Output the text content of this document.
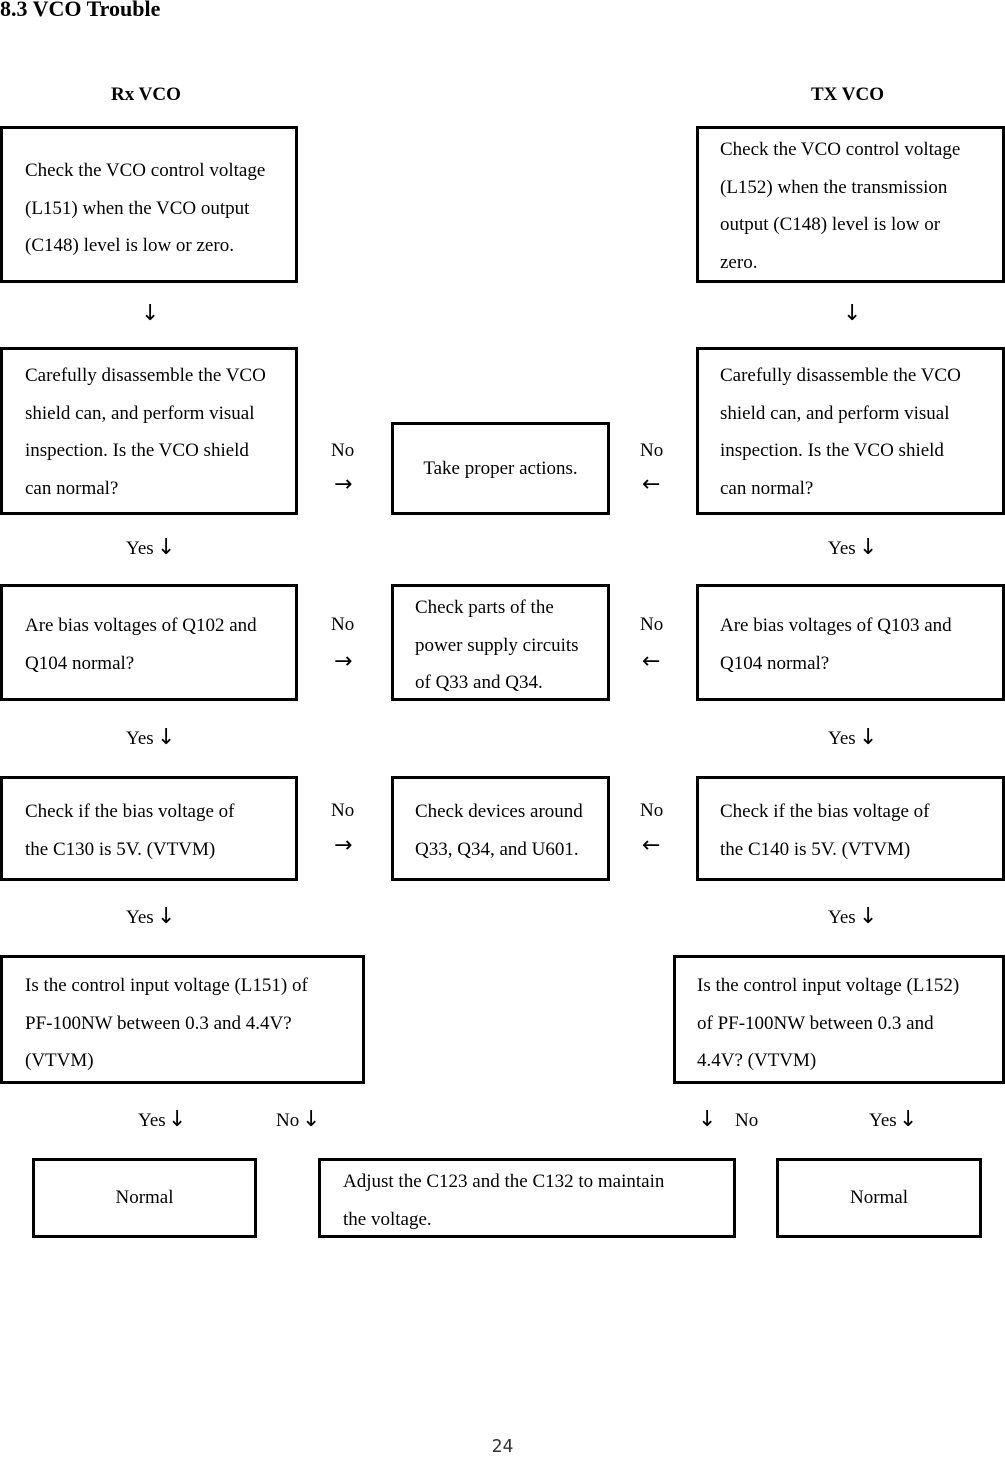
8.3 VCO Trouble
Rx VCO	TX VCO
Check the VCO control voltage
(L151) when the VCO output
(C148) level is low or zero.
Check the VCO control voltage
(L152) when the transmission
output (C148) level is low or
zero.
↓	↓
Carefully disassemble the VCO
shield can, and perform visual
inspection. Is the VCO shield
can normal?
Take proper actions.
Carefully disassemble the VCO
shield can, and perform visual
inspection. Is the VCO shield
can normal?
No
→
No
←
Yes ↓	Yes ↓
Are bias voltages of Q102 and
Q104 normal?
Check parts of the
power supply circuits
of Q33 and Q34.
Are bias voltages of Q103 and
Q104 normal?
No
→
No
←
Yes ↓	Yes ↓
Check if the bias voltage of
the C130 is 5V. (VTVM)
Check devices around
Q33, Q34, and U601.
Check if the bias voltage of
the C140 is 5V. (VTVM)
No
→
No
←
Yes ↓	Yes ↓
Is the control input voltage (L151) of
PF-100NW between 0.3 and 4.4V?
(VTVM)
Is the control input voltage (L152)
of PF-100NW between 0.3 and
4.4V? (VTVM)
Yes ↓	No ↓	↓ No	Yes ↓
Normal
Adjust the C123 and the C132 to maintain
the voltage.
Normal
24
